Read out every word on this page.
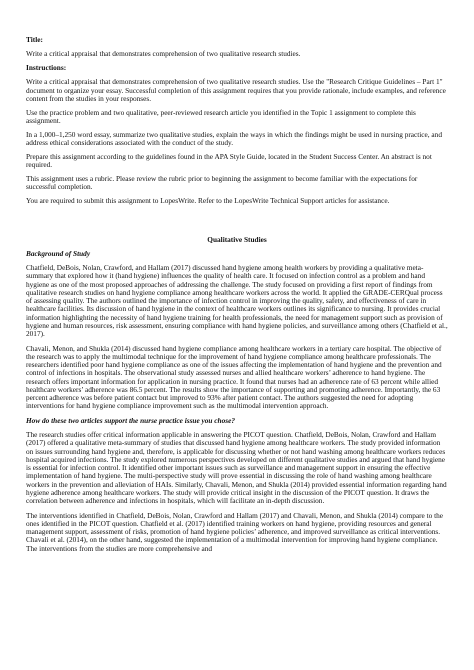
Title:

Write a critical appraisal that demonstrates comprehension of two qualitative research studies.

Instructions:

Write a critical appraisal that demonstrates comprehension of two qualitative research studies. Use the "Research Critique Guidelines – Part 1" document to organize your essay. Successful completion of this assignment requires that you provide rationale, include examples, and reference content from the studies in your responses.

Use the practice problem and two qualitative, peer-reviewed research article you identified in the Topic 1 assignment to complete this assignment.

In a 1,000–1,250 word essay, summarize two qualitative studies, explain the ways in which the findings might be used in nursing practice, and address ethical considerations associated with the conduct of the study.

Prepare this assignment according to the guidelines found in the APA Style Guide, located in the Student Success Center. An abstract is not required.

This assignment uses a rubric. Please review the rubric prior to beginning the assignment to become familiar with the expectations for successful completion.

You are required to submit this assignment to LopesWrite. Refer to the LopesWrite Technical Support articles for assistance.

Qualitative Studies

Background of Study

Chatfield, DeBois, Nolan, Crawford, and Hallam (2017) discussed hand hygiene among health workers by providing a qualitative meta-summary that explored how it (hand hygiene) influences the quality of health care. It focused on infection control as a problem and hand hygiene as one of the most proposed approaches of addressing the challenge. The study focused on providing a first report of findings from qualitative research studies on hand hygiene compliance among healthcare workers across the world. It applied the GRADE-CERQual process of assessing quality. The authors outlined the importance of infection control in improving the quality, safety, and effectiveness of care in healthcare facilities. Its discussion of hand hygiene in the context of healthcare workers outlines its significance to nursing. It provides crucial information highlighting the necessity of hand hygiene training for health professionals, the need for management support such as provision of hygiene and human resources, risk assessment, ensuring compliance with hand hygiene policies, and surveillance among others (Chatfield et al., 2017).

Chavali, Menon, and Shukla (2014) discussed hand hygiene compliance among healthcare workers in a tertiary care hospital. The objective of the research was to apply the multimodal technique for the improvement of hand hygiene compliance among healthcare professionals. The researchers identified poor hand hygiene compliance as one of the issues affecting the implementation of hand hygiene and the prevention and control of infections in hospitals. The observational study assessed nurses and allied healthcare workers’ adherence to hand hygiene. The research offers important information for application in nursing practice. It found that nurses had an adherence rate of 63 percent while allied healthcare workers’ adherence was 86.5 percent. The results show the importance of supporting and promoting adherence. Importantly, the 63 percent adherence was before patient contact but improved to 93% after patient contact. The authors suggested the need for adopting interventions for hand hygiene compliance improvement such as the multimodal intervention approach.

How do these two articles support the nurse practice issue you chose?

The research studies offer critical information applicable in answering the PICOT question. Chatfield, DeBois, Nolan, Crawford and Hallam (2017) offered a qualitative meta-summary of studies that discussed hand hygiene among healthcare workers. The study provided information on issues surrounding hand hygiene and, therefore, is applicable for discussing whether or not hand washing among healthcare workers reduces hospital acquired infections. The study explored numerous perspectives developed on different qualitative studies and argued that hand hygiene is essential for infection control. It identified other important issues such as surveillance and management support in ensuring the effective implementation of hand hygiene. The multi-perspective study will prove essential in discussing the role of hand washing among healthcare workers in the prevention and alleviation of HAIs. Similarly, Chavali, Menon, and Shukla (2014) provided essential information regarding hand hygiene adherence among healthcare workers. The study will provide critical insight in the discussion of the PICOT question. It draws the correlation between adherence and infections in hospitals, which will facilitate an in-depth discussion.

The interventions identified in Chatfield, DeBois, Nolan, Crawford and Hallam (2017) and Chavali, Menon, and Shukla (2014) compare to the ones identified in the PICOT question. Chatfield et al. (2017) identified training workers on hand hygiene, providing resources and general management support, assessment of risks, promotion of hand hygiene policies’ adherence, and improved surveillance as critical interventions. Chavali et al. (2014), on the other hand, suggested the implementation of a multimodal intervention for improving hand hygiene compliance. The interventions from the studies are more comprehensive and
